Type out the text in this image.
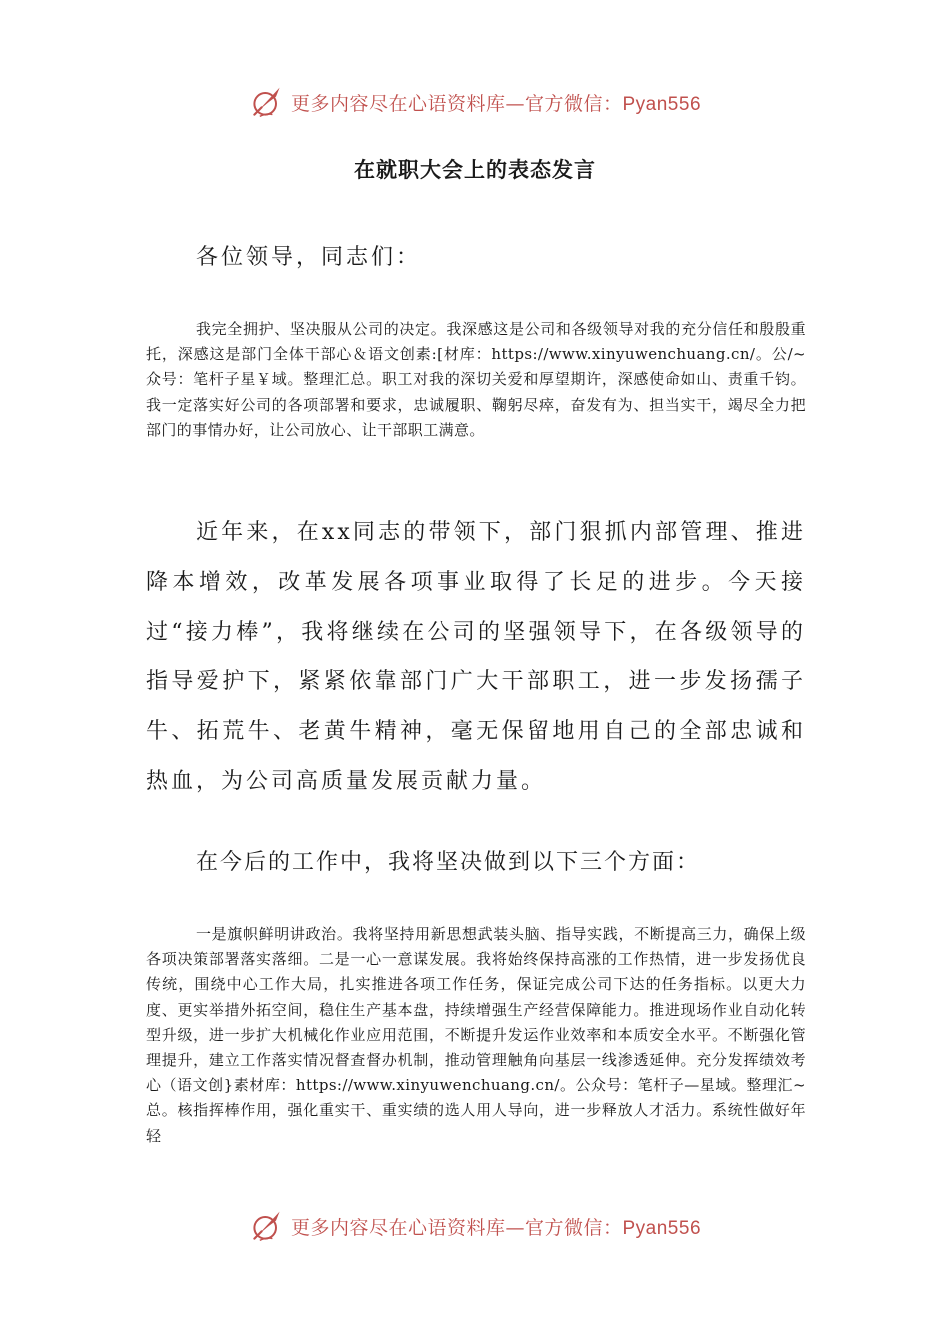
更多内容尽在心语资料库—官方微信：Pyan556
在就职大会上的表态发言

各位领导，同志们：

我完全拥护、坚决服从公司的决定。我深感这是公司和各级领导对我的充分信任和殷殷重托，深感这是部门全体干部心＆语文创素:[材库：https://www.xinyuwenchuang.cn/。公/~众号：笔杆子星￥域。整理汇总。职工对我的深切关爱和厚望期许，深感使命如山、责重千钧。我一定落实好公司的各项部署和要求，忠诚履职、鞠躬尽瘁，奋发有为、担当实干，竭尽全力把部门的事情办好，让公司放心、让干部职工满意。

近年来，在xx同志的带领下，部门狠抓内部管理、推进降本增效，改革发展各项事业取得了长足的进步。今天接过“接力棒”，我将继续在公司的坚强领导下，在各级领导的指导爱护下，紧紧依靠部门广大干部职工，进一步发扬孺子牛、拓荒牛、老黄牛精神，毫无保留地用自己的全部忠诚和热血，为公司高质量发展贡献力量。

在今后的工作中，我将坚决做到以下三个方面：

一是旗帜鲜明讲政治。我将坚持用新思想武装头脑、指导实践，不断提高三力，确保上级各项决策部署落实落细。二是一心一意谋发展。我将始终保持高涨的工作热情，进一步发扬优良传统，围绕中心工作大局，扎实推进各项工作任务，保证完成公司下达的任务指标。以更大力度、更实举措外拓空间，稳住生产基本盘，持续增强生产经营保障能力。推进现场作业自动化转型升级，进一步扩大机械化作业应用范围，不断提升发运作业效率和本质安全水平。不断强化管理提升，建立工作落实情况督查督办机制，推动管理触角向基层一线渗透延伸。充分发挥绩效考心（语文创}素材库：https://www.xinyuwenchuang.cn/。公众号：笔杆子—星域。整理汇~总。核指挥棒作用，强化重实干、重实绩的选人用人导向，进一步释放人才活力。系统性做好年轻

更多内容尽在心语资料库—官方微信：Pyan556
